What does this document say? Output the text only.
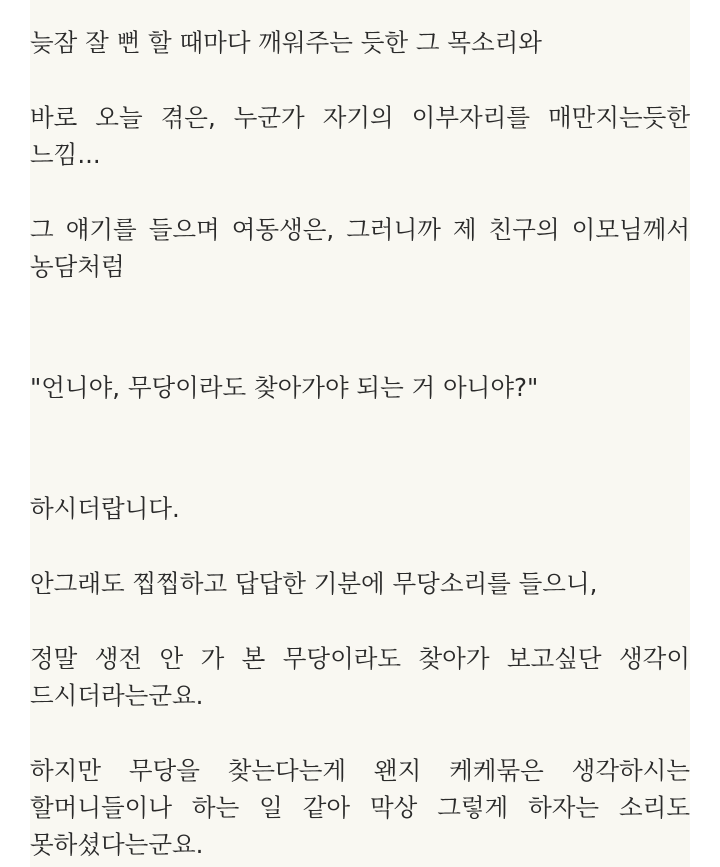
늦잠 잘 뻔 할 때마다 깨워주는 듯한 그 목소리와

바로 오늘 겪은, 누군가 자기의 이부자리를 매만지는듯한 느낌...

그 얘기를 들으며 여동생은, 그러니까 제 친구의 이모님께서 농담처럼

"언니야, 무당이라도 찾아가야 되는 거 아니야?"

하시더랍니다.

안그래도 찝찝하고 답답한 기분에 무당소리를 들으니,

정말 생전 안 가 본 무당이라도 찾아가 보고싶단 생각이 드시더라는군요.

하지만 무당을 찾는다는게 왠지 케케묶은 생각하시는 할머니들이나 하는 일 같아 막상 그렇게 하자는 소리도 못하셨다는군요.
